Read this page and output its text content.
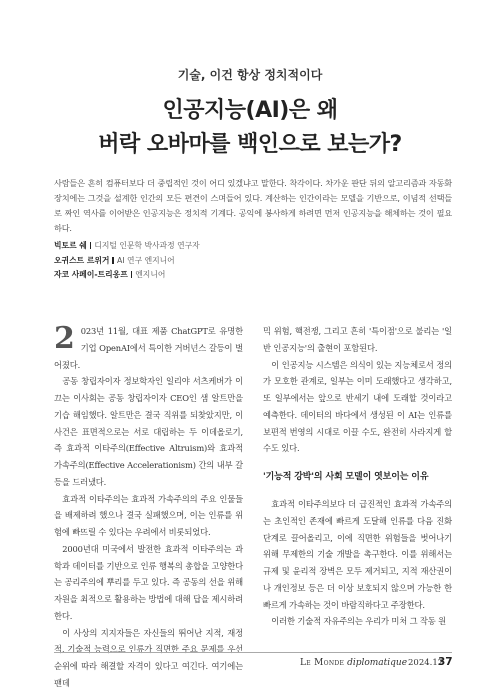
기술, 이건 항상 정치적이다
인공지능(AI)은 왜
버락 오바마를 백인으로 보는가?
사람들은 흔히 컴퓨터보다 더 중립적인 것이 어디 있겠냐고 말한다. 착각이다. 차가운 판단 뒤의 알고리즘과 자동화 장치에는 그것을 설계한 인간의 모든 편견이 스며들어 있다. 계산하는 인간이라는 모델을 기반으로, 이념적 선택들로 짜인 역사를 이어받은 인공지능은 정치적 기계다. 공익에 봉사하게 하려면 먼저 인공지능을 해체하는 것이 필요하다.
빅토르 쉐 디지털 인문학 박사과정 연구자
오귀스트 르위거 AI 연구 엔지니어
자코 사페이-트리옹프 엔지니어

2 023년 11월, 대표 제품 ChatGPT로 유명한 기업 OpenAI에서 특이한 거버넌스 갈등이 벌어졌다.

공동 창립자이자 정보학자인 일리야 서츠케버가 이끄는 이사회는 공동 창립자이자 CEO인 샘 알트만을 기습 해임했다. 알트만은 결국 직위를 되찾았지만, 이 사건은 표면적으로는 서로 대립하는 두 이데올로기, 즉 효과적 이타주의(Effective Altruism)와 효과적 가속주의(Effective Accelerationism) 간의 내부 갈등을 드러냈다.

효과적 이타주의는 효과적 가속주의의 주요 인물들을 배제하려 했으나 결국 실패했으며, 이는 인류를 위험에 빠뜨릴 수 있다는 우려에서 비롯되었다.

2000년대 미국에서 발전한 효과적 이타주의는 과학과 데이터를 기반으로 인류 행복의 총합을 고양한다는 공리주의에 뿌리를 두고 있다. 즉 공동의 선을 위해 자원을 최적으로 활용하는 방법에 대해 답을 제시하려 한다.

이 사상의 지지자들은 자신들의 뛰어난 지적, 재정적, 기술적 능력으로 인류가 직면한 주요 문제를 우선순위에 따라 해결할 자격이 있다고 여긴다. 여기에는 팬데

믹 위험, 핵전쟁, 그리고 흔히 '특이점'으로 불리는 '일반 인공지능'의 출현이 포함된다.

이 인공지능 시스템은 의식이 있는 지능체로서 정의가 모호한 관계로, 일부는 이미 도래했다고 생각하고, 또 일부에서는 앞으로 반세기 내에 도래할 것이라고 예측한다. 데이터의 바다에서 생성된 이 AI는 인류를 보편적 번영의 시대로 이끌 수도, 완전히 사라지게 할 수도 있다.

'기능적 강박'의 사회 모델이 엿보이는 이유

효과적 이타주의보다 더 급진적인 효과적 가속주의는 초인적인 존재에 빠르게 도달해 인류를 다음 진화 단계로 끌어올리고, 이에 직면한 위험들을 벗어나기 위해 무제한의 기술 개발을 촉구한다. 이를 위해서는 규제 및 윤리적 장벽은 모두 제거되고, 지적 재산권이나 개인정보 등은 더 이상 보호되지 않으며 가능한 한 빠르게 가속하는 것이 바람직하다고 주장한다.

이러한 기술적 자유주의는 우리가 미처 그 작동 원

Le Monde diplomatique 2024.12
37
